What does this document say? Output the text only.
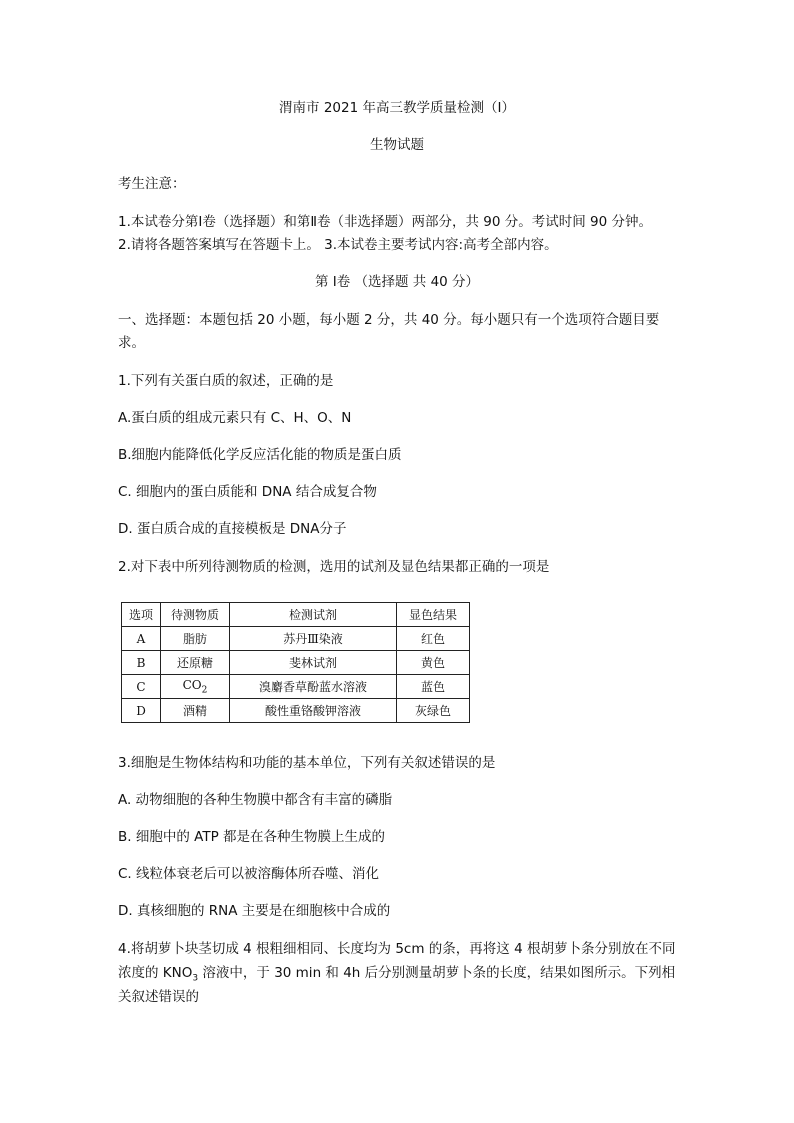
渭南市 2021 年高三教学质量检测（Ⅰ）
生物试题
考生注意：
1.本试卷分第Ⅰ卷（选择题）和第Ⅱ卷（非选择题）两部分，共 90 分。考试时间 90 分钟。
2.请将各题答案填写在答题卡上。 3.本试卷主要考试内容:高考全部内容。
第 Ⅰ卷 （选择题 共 40 分）
一、选择题：本题包括 20 小题，每小题 2 分，共 40 分。每小题只有一个选项符合题目要
求。
1.下列有关蛋白质的叙述，正确的是
A.蛋白质的组成元素只有 C、H、O、N
B.细胞内能降低化学反应活化能的物质是蛋白质
C. 细胞内的蛋白质能和 DNA 结合成复合物
D. 蛋白质合成的直接模板是 DNA分子
2.对下表中所列待测物质的检测，选用的试剂及显色结果都正确的一项是
选项	待测物质	检测试剂	显色结果
A	脂肪	苏丹Ⅲ染液	红色
B	还原糖	斐林试剂	黄色
C	$CO_2$	溴麝香草酚蓝水溶液	蓝色
D	酒精	酸性重铬酸钾溶液	灰绿色
3.细胞是生物体结构和功能的基本单位，下列有关叙述错误的是
A. 动物细胞的各种生物膜中都含有丰富的磷脂
B. 细胞中的 ATP 都是在各种生物膜上生成的
C. 线粒体衰老后可以被溶酶体所吞噬、消化
D. 真核细胞的 RNA 主要是在细胞核中合成的
4.将胡萝卜块茎切成 4 根粗细相同、长度均为 5cm 的条，再将这 4 根胡萝卜条分别放在不同
浓度的 $KNO_3$ 溶液中，于 30 min 和 4h 后分别测量胡萝卜条的长度，结果如图所示。下列相
关叙述错误的
